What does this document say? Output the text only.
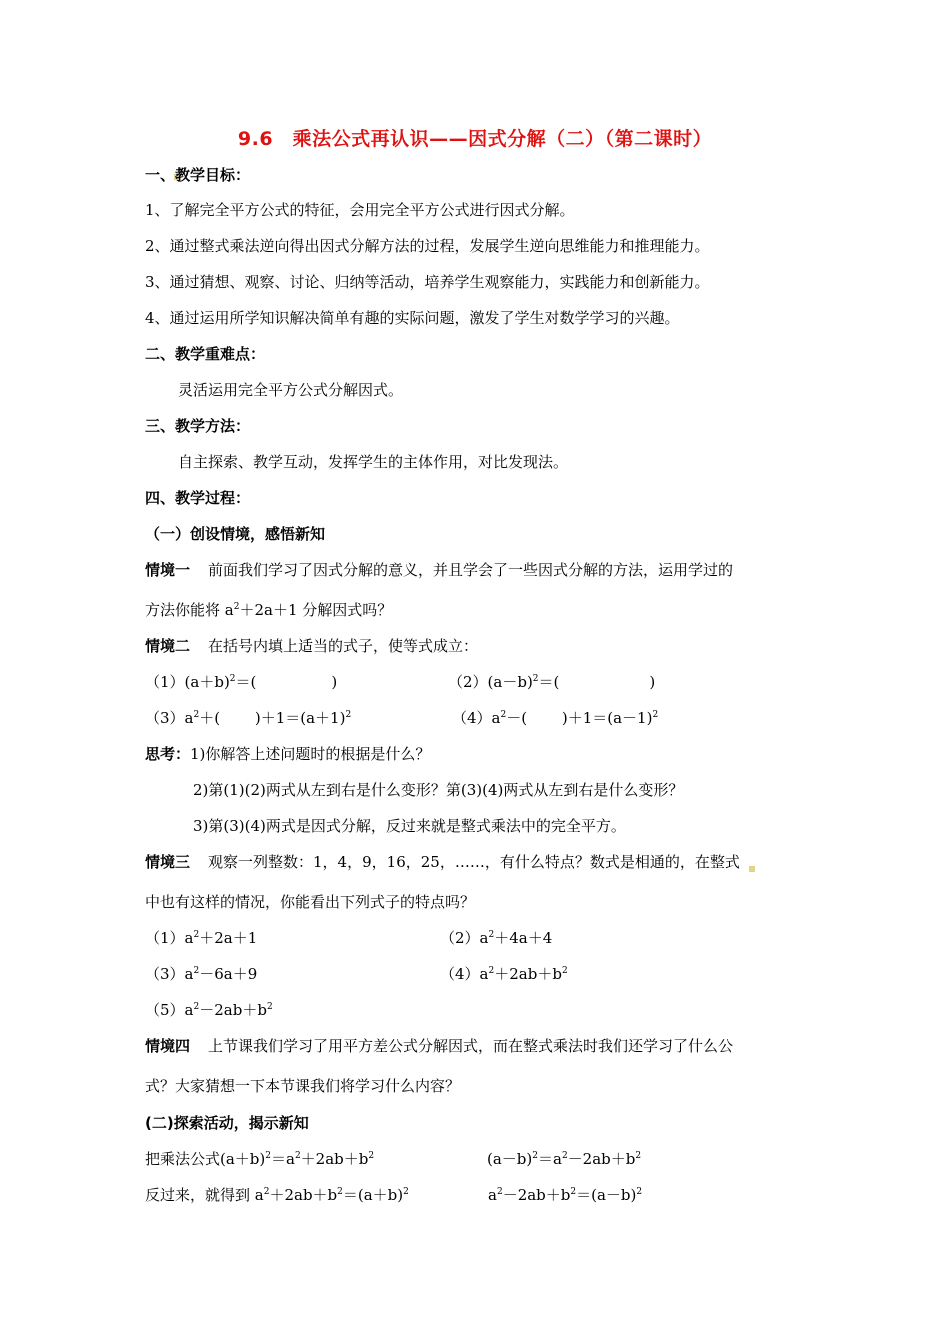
9.6　乘法公式再认识——因式分解（二）（第二课时）
一、教学目标：
1、了解完全平方公式的特征，会用完全平方公式进行因式分解。
2、通过整式乘法逆向得出因式分解方法的过程，发展学生逆向思维能力和推理能力。
3、通过猜想、观察、讨论、归纳等活动，培养学生观察能力，实践能力和创新能力。
4、通过运用所学知识解决简单有趣的实际问题，激发了学生对数学学习的兴趣。
二、教学重难点：
灵活运用完全平方公式分解因式。
三、教学方法：
自主探索、教学互动，发挥学生的主体作用，对比发现法。
四、教学过程：
（一）创设情境，感悟新知
情境一 前面我们学习了因式分解的意义，并且学会了一些因式分解的方法，运用学过的
方法你能将 $a^2+2a+1$ 分解因式吗？
情境二 在括号内填上适当的式子，使等式成立：
$(1)(a+b)^2=$(　　　　　)	$(2)(a-b)^2=$(　　　　　　)
$(3)a^2+$(　　 )$+1=(a+1)^2$	$(4)a^2-$(　　 )$+1=(a-1)^2$
思考：1)你解答上述问题时的根据是什么？
2)第(1)(2)两式从左到右是什么变形？第(3)(4)两式从左到右是什么变形？
3)第(3)(4)两式是因式分解，反过来就是整式乘法中的完全平方。
情境三 观察一列整数：1，4，9，16，25，……，有什么特点？数式是相通的，在整式
中也有这样的情况，你能看出下列式子的特点吗？
$(1)a^2+2a+1$	$(2)a^2+4a+4$
$(3)a^2-6a+9$	$(4)a^2+2ab+b^2$
$(5)a^2-2ab+b^2$
情境四 上节课我们学习了用平方差公式分解因式，而在整式乘法时我们还学习了什么公
式？大家猜想一下本节课我们将学习什么内容？
(二)探索活动，揭示新知
把乘法公式$(a+b)^2=a^2+2ab+b^2$	$(a-b)^2=a^2-2ab+b^2$
反过来，就得到 $a^2+2ab+b^2=(a+b)^2$	$a^2-2ab+b^2=(a-b)^2$
